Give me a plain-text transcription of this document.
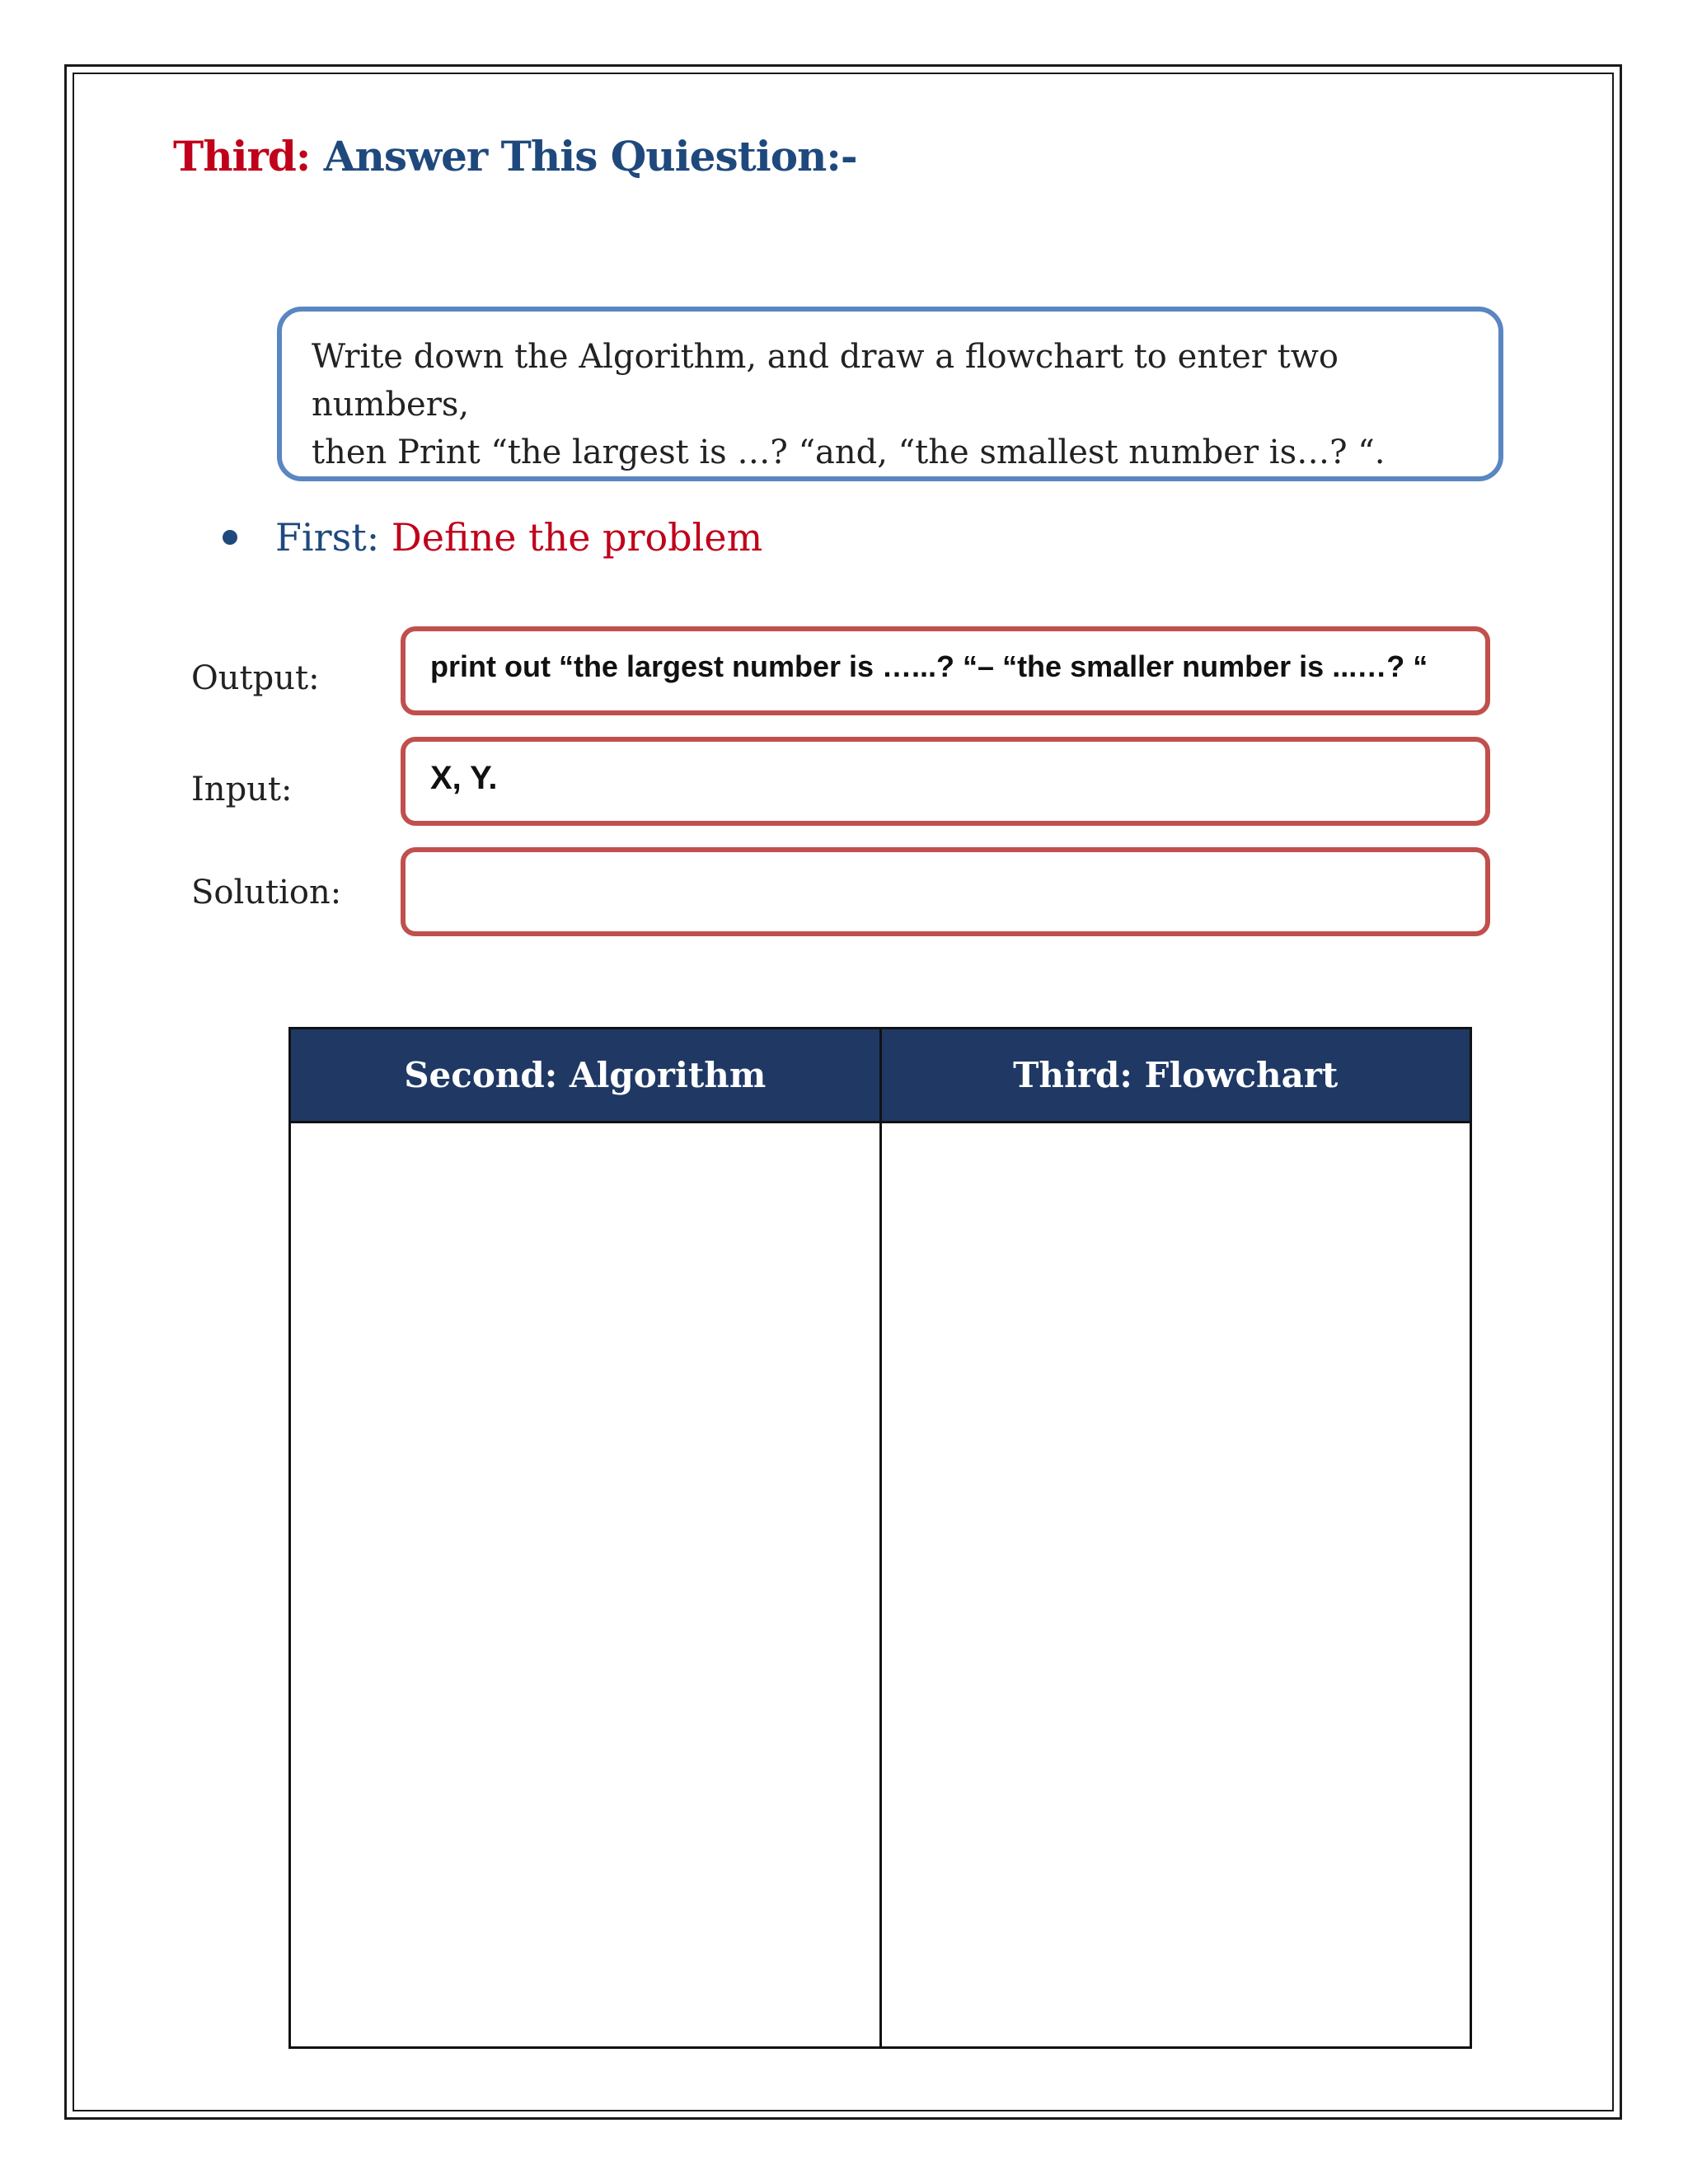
Third: Answer This Quiestion:-
Write down the Algorithm, and draw a flowchart to enter two numbers,
then Print “the largest is …? “and, “the smallest number is…? “.
First: Define the problem
Output:	print out “the largest number is …...? “– “the smaller number is ...…? “
Input:	X, Y.
Solution:
Second: Algorithm	Third: Flowchart
